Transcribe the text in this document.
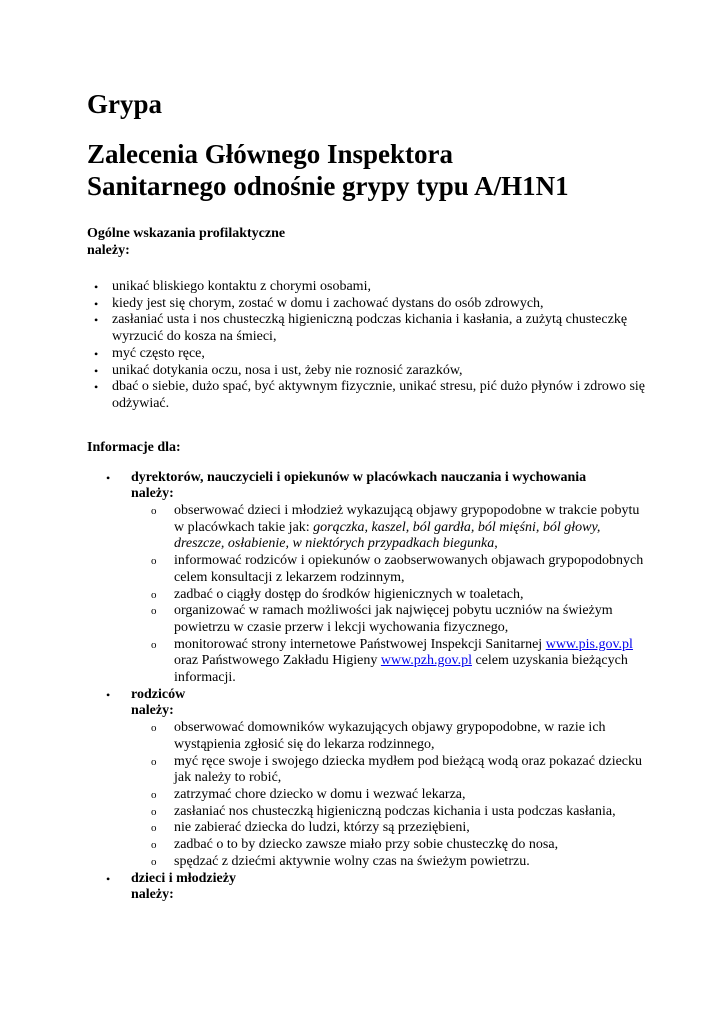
Grypa
Zalecenia Głównego Inspektora
Sanitarnego odnośnie grypy typu A/H1N1
Ogólne wskazania profilaktyczne
należy:
• unikać bliskiego kontaktu z chorymi osobami,
• kiedy jest się chorym, zostać w domu i zachować dystans do osób zdrowych,
• zasłaniać usta i nos chusteczką higieniczną podczas kichania i kasłania, a zużytą chusteczkę wyrzucić do kosza na śmieci,
• myć często ręce,
• unikać dotykania oczu, nosa i ust, żeby nie roznosić zarazków,
• dbać o siebie, dużo spać, być aktywnym fizycznie, unikać stresu, pić dużo płynów i zdrowo się odżywiać.
Informacje dla:
• dyrektorów, nauczycieli i opiekunów w placówkach nauczania i wychowania
należy:
o obserwować dzieci i młodzież wykazującą objawy grypopodobne w trakcie pobytu w placówkach takie jak: gorączka, kaszel, ból gardła, ból mięśni, ból głowy, dreszcze, osłabienie, w niektórych przypadkach biegunka,
o informować rodziców i opiekunów o zaobserwowanych objawach grypopodobnych celem konsultacji z lekarzem rodzinnym,
o zadbać o ciągły dostęp do środków higienicznych w toaletach,
o organizować w ramach możliwości jak najwięcej pobytu uczniów na świeżym powietrzu w czasie przerw i lekcji wychowania fizycznego,
o monitorować strony internetowe Państwowej Inspekcji Sanitarnej www.pis.gov.pl oraz Państwowego Zakładu Higieny www.pzh.gov.pl celem uzyskania bieżących informacji.
• rodziców
należy:
o obserwować domowników wykazujących objawy grypopodobne, w razie ich wystąpienia zgłosić się do lekarza rodzinnego,
o myć ręce swoje i swojego dziecka mydłem pod bieżącą wodą oraz pokazać dziecku jak należy to robić,
o zatrzymać chore dziecko w domu i wezwać lekarza,
o zasłaniać nos chusteczką higieniczną podczas kichania i usta podczas kasłania,
o nie zabierać dziecka do ludzi, którzy są przeziębieni,
o zadbać o to by dziecko zawsze miało przy sobie chusteczkę do nosa,
o spędzać z dziećmi aktywnie wolny czas na świeżym powietrzu.
• dzieci i młodzieży
należy:
